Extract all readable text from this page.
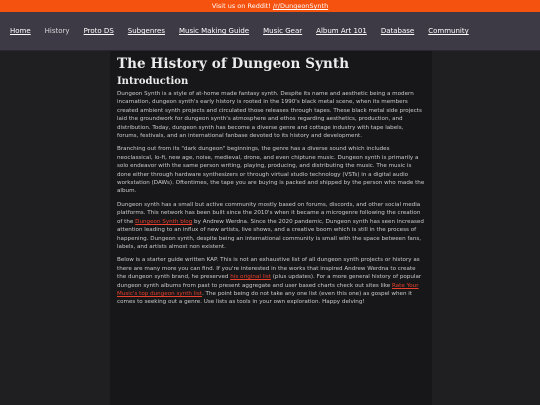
Visit us on Reddit! /r/DungeonSynth
Home History Proto DS Subgenres Music Making Guide Music Gear Album Art 101 Database Community
The History of Dungeon Synth
Introduction

Dungeon Synth is a style of at-home made fantasy synth. Despite its name and aesthetic being a modern incarnation, dungeon synth's early history is rooted in the 1990's black metal scene, when its members created ambient synth projects and circulated those releases through tapes. These black metal side projects laid the groundwork for dungeon synth's atmosphere and ethos regarding aesthetics, production, and distribution. Today, dungeon synth has become a diverse genre and cottage industry with tape labels, forums, festivals, and an international fanbase devoted to its history and development.

Branching out from its "dark dungeon" beginnings, the genre has a diverse sound which includes neoclassical, lo-fi, new age, noise, medieval, drone, and even chiptune music. Dungeon synth is primarily a solo endeavor with the same person writing, playing, producing, and distributing the music. The music is done either through hardware synthesizers or through virtual studio technology (VSTs) in a digital audio workstation (DAWs). Oftentimes, the tape you are buying is packed and shipped by the person who made the album.

Dungeon synth has a small but active community mostly based on forums, discords, and other social media platforms. This network has been built since the 2010's when it became a microgenre following the creation of the Dungeon Synth blog by Andrew Werdna. Since the 2020 pandemic, Dungeon synth has seen increased attention leading to an influx of new artists, live shows, and a creative boom which is still in the process of happening. Dungeon synth, despite being an international community is small with the space between fans, labels, and artists almost non existent.

Below is a starter guide written KAP. This is not an exhaustive list of all dungeon synth projects or history as there are many more you can find. If you're interested in the works that inspired Andrew Werdna to create the dungeon synth brand, he preserved his original list (plus updates). For a more general history of popular dungeon synth albums from past to present aggregate and user based charts check out sites like Rate Your Music's top dungeon synth list. The point being do not take any one list (even this one) as gospel when it comes to seeking out a genre. Use lists as tools in your own exploration. Happy delving!
